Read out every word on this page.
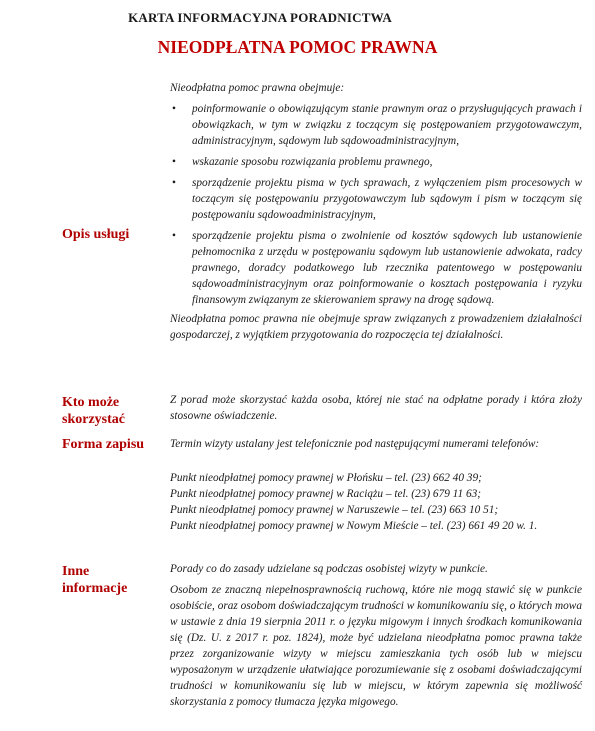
KARTA INFORMACYJNA PORADNICTWA
NIEODPŁATNA POMOC PRAWNA
Opis usługi

Nieodpłatna pomoc prawna obejmuje:

• poinformowanie o obowiązującym stanie prawnym oraz o przysługujących prawach i obowiązkach, w tym w związku z toczącym się postępowaniem przygotowawczym, administracyjnym, sądowym lub sądowoadministracyjnym,
• wskazanie sposobu rozwiązania problemu prawnego,
• sporządzenie projektu pisma w tych sprawach, z wyłączeniem pism procesowych w toczącym się postępowaniu przygotowawczym lub sądowym i pism w toczącym się postępowaniu sądowoadministracyjnym,
• sporządzenie projektu pisma o zwolnienie od kosztów sądowych lub ustanowienie pełnomocnika z urzędu w postępowaniu sądowym lub ustanowienie adwokata, radcy prawnego, doradcy podatkowego lub rzecznika patentowego w postępowaniu sądowoadministracyjnym oraz poinformowanie o kosztach postępowania i ryzyku finansowym związanym ze skierowaniem sprawy na drogę sądową.

Nieodpłatna pomoc prawna nie obejmuje spraw związanych z prowadzeniem działalności gospodarczej, z wyjątkiem przygotowania do rozpoczęcia tej działalności.

Kto może
skorzystać

Z porad może skorzystać każda osoba, której nie stać na odpłatne porady i która złoży stosowne oświadczenie.

Forma zapisu Termin wizyty ustalany jest telefonicznie pod następującymi numerami telefonów:

Punkt nieodpłatnej pomocy prawnej w Płońsku – tel. (23) 662 40 39;

Punkt nieodpłatnej pomocy prawnej w Raciążu – tel. (23) 679 11 63;

Punkt nieodpłatnej pomocy prawnej w Naruszewie – tel. (23) 663 10 51;

Punkt nieodpłatnej pomocy prawnej w Nowym Mieście – tel. (23) 661 49 20 w. 1.

Inne
informacje

Porady co do zasady udzielane są podczas osobistej wizyty w punkcie.

Osobom ze znaczną niepełnosprawnością ruchową, które nie mogą stawić się w punkcie osobiście, oraz osobom doświadczającym trudności w komunikowaniu się, o których mowa w ustawie z dnia 19 sierpnia 2011 r. o języku migowym i innych środkach komunikowania się (Dz. U. z 2017 r. poz. 1824), może być udzielana nieodpłatna pomoc prawna także przez zorganizowanie wizyty w miejscu zamieszkania tych osób lub w miejscu wyposażonym w urządzenie ułatwiające porozumiewanie się z osobami doświadczającymi trudności w komunikowaniu się lub w miejscu, w którym zapewnia się możliwość skorzystania z pomocy tłumacza języka migowego.
